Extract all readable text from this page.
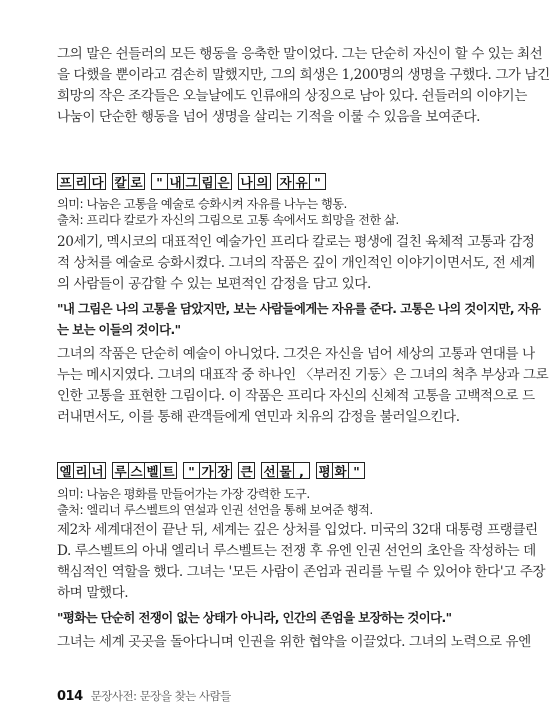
그의 말은 쉰들러의 모든 행동을 응축한 말이었다. 그는 단순히 자신이 할 수 있는 최선
을 다했을 뿐이라고 겸손히 말했지만, 그의 희생은 1,200명의 생명을 구했다. 그가 남긴
희망의 작은 조각들은 오늘날에도 인류애의 상징으로 남아 있다. 쉰들러의 이야기는
나눔이 단순한 행동을 넘어 생명을 살리는 기적을 이룰 수 있음을 보여준다.
프 리 다 칼 로	" 내 그 림 은 나 의 자 유 "
의미: 나눔은 고통을 예술로 승화시켜 자유를 나누는 행동.
출처: 프리다 칼로가 자신의 그림으로 고통 속에서도 희망을 전한 삶.
20세기, 멕시코의 대표적인 예술가인 프리다 칼로는 평생에 걸친 육체적 고통과 감정
적 상처를 예술로 승화시켰다. 그녀의 작품은 깊이 개인적인 이야기이면서도, 전 세계
의 사람들이 공감할 수 있는 보편적인 감정을 담고 있다.
"내 그림은 나의 고통을 담았지만, 보는 사람들에게는 자유를 준다. 고통은 나의 것이지만, 자유
는 보는 이들의 것이다."
그녀의 작품은 단순히 예술이 아니었다. 그것은 자신을 넘어 세상의 고통과 연대를 나
누는 메시지였다. 그녀의 대표작 중 하나인 〈부러진 기둥〉은 그녀의 척추 부상과 그로
인한 고통을 표현한 그림이다. 이 작품은 프리다 자신의 신체적 고통을 고백적으로 드
러내면서도, 이를 통해 관객들에게 연민과 치유의 감정을 불러일으킨다.
엘 리 너 루 스 벨 트	" 가 장 큰 선 물 ,	평 화 "
의미: 나눔은 평화를 만들어가는 가장 강력한 도구.
출처: 엘리너 루스벨트의 연설과 인권 선언을 통해 보여준 행적.
제2차 세계대전이 끝난 뒤, 세계는 깊은 상처를 입었다. 미국의 32대 대통령 프랭클린
D. 루스벨트의 아내 엘리너 루스벨트는 전쟁 후 유엔 인권 선언의 초안을 작성하는 데
핵심적인 역할을 했다. 그녀는 '모든 사람이 존엄과 권리를 누릴 수 있어야 한다'고 주장
하며 말했다.
"평화는 단순히 전쟁이 없는 상태가 아니라, 인간의 존엄을 보장하는 것이다."
그녀는 세계 곳곳을 돌아다니며 인권을 위한 협약을 이끌었다. 그녀의 노력으로 유엔
014 문장사전: 문장을 찾는 사람들
